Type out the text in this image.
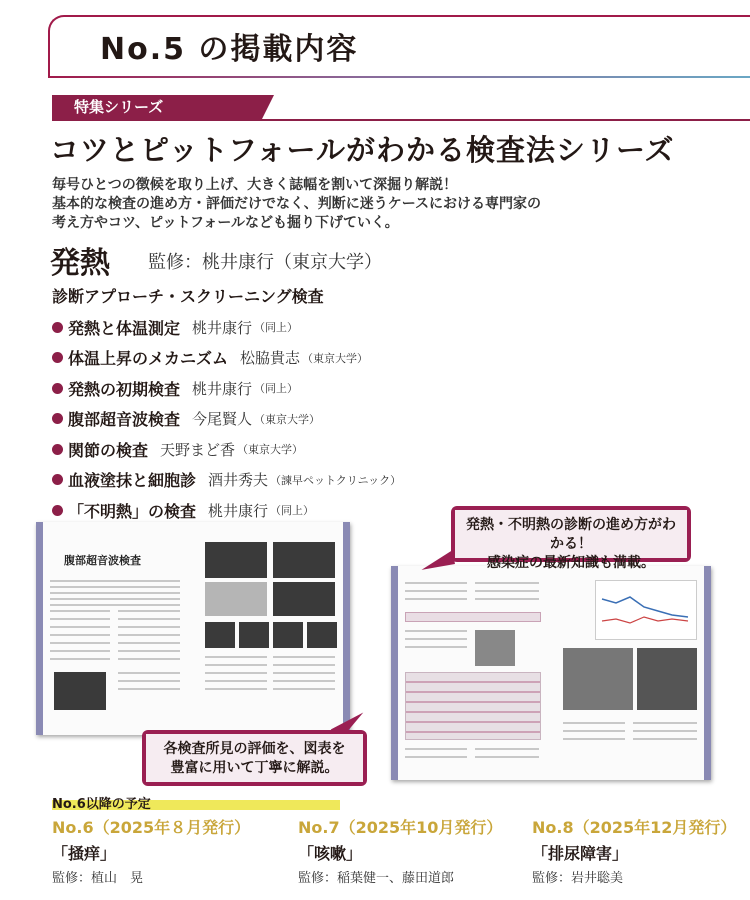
No.5 の掲載内容
特集シリーズ
コツとピットフォールがわかる検査法シリーズ
毎号ひとつの徴候を取り上げ、大きく誌幅を割いて深掘り解説！
基本的な検査の進め方・評価だけでなく、判断に迷うケースにおける専門家の
考え方やコツ、ピットフォールなども掘り下げていく。
発熱 監修：桃井康行（東京大学）
診断アプローチ・スクリーニング検査
発熱と体温測定 桃井康行 （同上）
体温上昇のメカニズム 松脇貴志 （東京大学）
発熱の初期検査 桃井康行 （同上）
腹部超音波検査 今尾賢人 （東京大学）
関節の検査 天野まど香 （東京大学）
血液塗抹と細胞診 酒井秀夫 （諫早ペットクリニック）
「不明熱」の検査 桃井康行 （同上）
腹部超音波検査
発熱・不明熱の診断の進め方がわかる！
感染症の最新知識も満載。
各検査所見の評価を、図表を
豊富に用いて丁寧に解説。
No.6以降の予定
No.6（2025年８月発行）
「掻痒」
監修：植山　晃
No.7（2025年10月発行）
「咳嗽」
監修：稲葉健一、藤田道郎
No.8（2025年12月発行）
「排尿障害」
監修：岩井聡美
